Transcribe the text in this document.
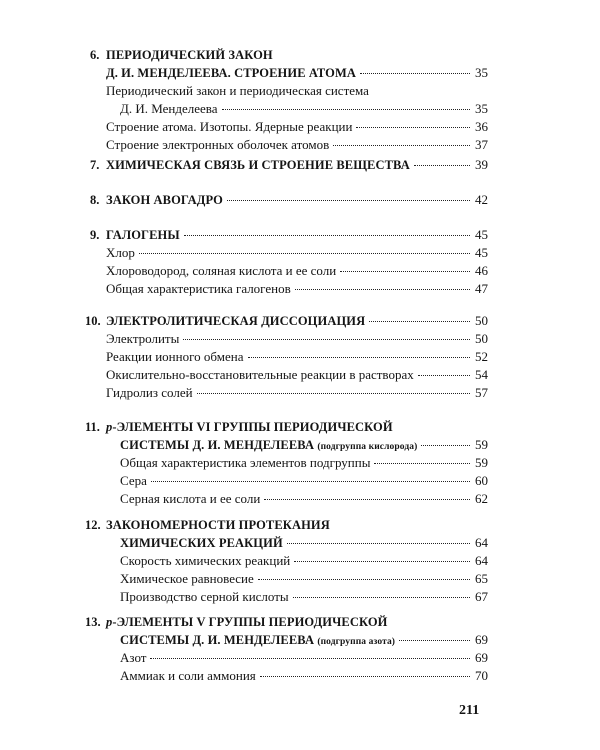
6. ПЕРИОДИЧЕСКИЙ ЗАКОН
Д. И. МЕНДЕЛЕЕВА. СТРОЕНИЕ АТОМА	35
Периодический закон и периодическая система
Д. И. Менделеева	35
Строение атома. Изотопы. Ядерные реакции	36
Строение электронных оболочек атомов	37
7. ХИМИЧЕСКАЯ СВЯЗЬ И СТРОЕНИЕ ВЕЩЕСТВА	39
8. ЗАКОН АВОГАДРО	42
9. ГАЛОГЕНЫ	45
Хлор	45
Хлороводород, соляная кислота и ее соли	46
Общая характеристика галогенов	47
10. ЭЛЕКТРОЛИТИЧЕСКАЯ ДИССОЦИАЦИЯ	50
Электролиты	50
Реакции ионного обмена	52
Окислительно-восстановительные реакции в растворах	54
Гидролиз солей	57
11. p-ЭЛЕМЕНТЫ VI ГРУППЫ ПЕРИОДИЧЕСКОЙ
СИСТЕМЫ Д. И. МЕНДЕЛЕЕВА (подгруппа кислорода)	59
Общая характеристика элементов подгруппы	59
Сера	60
Серная кислота и ее соли	62
12. ЗАКОНОМЕРНОСТИ ПРОТЕКАНИЯ
ХИМИЧЕСКИХ РЕАКЦИЙ	64
Скорость химических реакций	64
Химическое равновесие	65
Производство серной кислоты	67
13. p-ЭЛЕМЕНТЫ V ГРУППЫ ПЕРИОДИЧЕСКОЙ
СИСТЕМЫ Д. И. МЕНДЕЛЕЕВА (подгруппа азота)	69
Азот	69
Аммиак и соли аммония	70
211
